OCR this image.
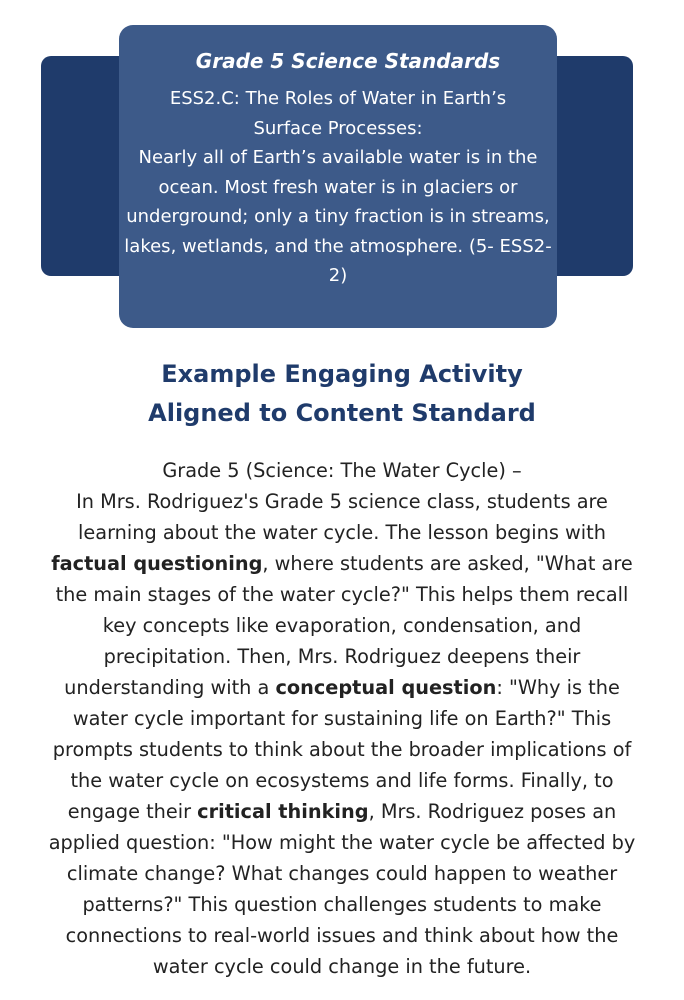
Grade 5 Science Standards
ESS2.C: The Roles of Water in Earth’s
Surface Processes:
Nearly all of Earth’s available water is in the ocean. Most fresh water is in glaciers or underground; only a tiny fraction is in streams, lakes, wetlands, and the atmosphere. (5- ESS2-2)
Example Engaging Activity
Aligned to Content Standard

Grade 5 (Science: The Water Cycle) –
In Mrs. Rodriguez's Grade 5 science class, students are learning about the water cycle. The lesson begins with factual questioning, where students are asked, "What are the main stages of the water cycle?" This helps them recall key concepts like evaporation, condensation, and precipitation. Then, Mrs. Rodriguez deepens their understanding with a conceptual question: "Why is the water cycle important for sustaining life on Earth?" This prompts students to think about the broader implications of the water cycle on ecosystems and life forms. Finally, to engage their critical thinking, Mrs. Rodriguez poses an applied question: "How might the water cycle be affected by climate change? What changes could happen to weather patterns?" This question challenges students to make connections to real-world issues and think about how the water cycle could change in the future.
